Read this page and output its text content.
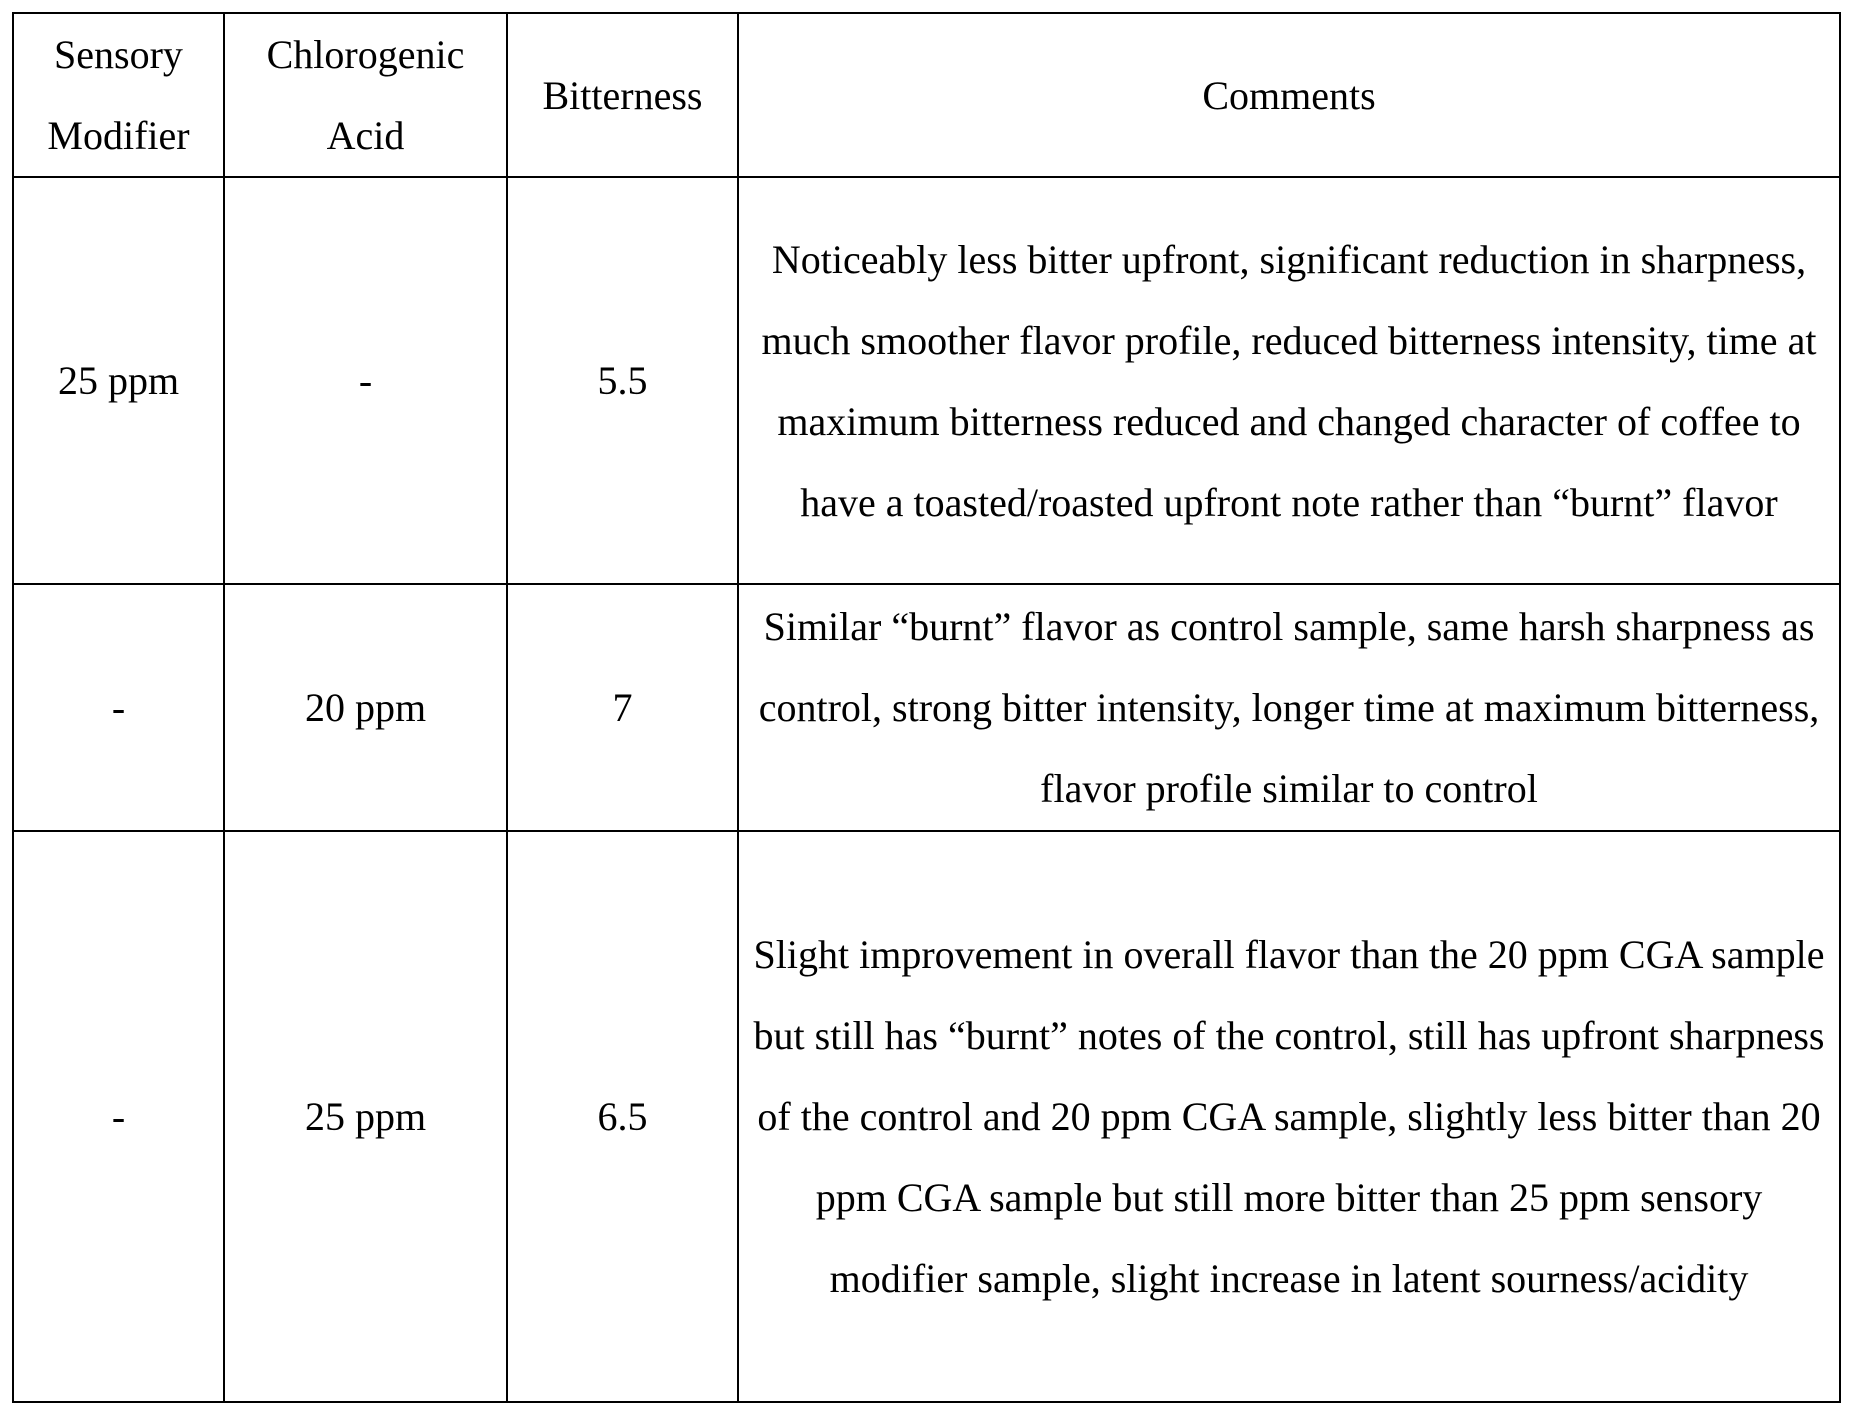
Sensory Modifier	Chlorogenic Acid	Bitterness	Comments
25 ppm	-	5.5	Noticeably less bitter upfront, significant reduction in sharpness, much smoother flavor profile, reduced bitterness intensity, time at maximum bitterness reduced and changed character of coffee to have a toasted/roasted upfront note rather than “burnt” flavor
-	20 ppm	7	Similar “burnt” flavor as control sample, same harsh sharpness as control, strong bitter intensity, longer time at maximum bitterness, flavor profile similar to control
-	25 ppm	6.5	Slight improvement in overall flavor than the 20 ppm CGA sample but still has “burnt” notes of the control, still has upfront sharpness of the control and 20 ppm CGA sample, slightly less bitter than 20 ppm CGA sample but still more bitter than 25 ppm sensory modifier sample, slight increase in latent sourness/acidity
